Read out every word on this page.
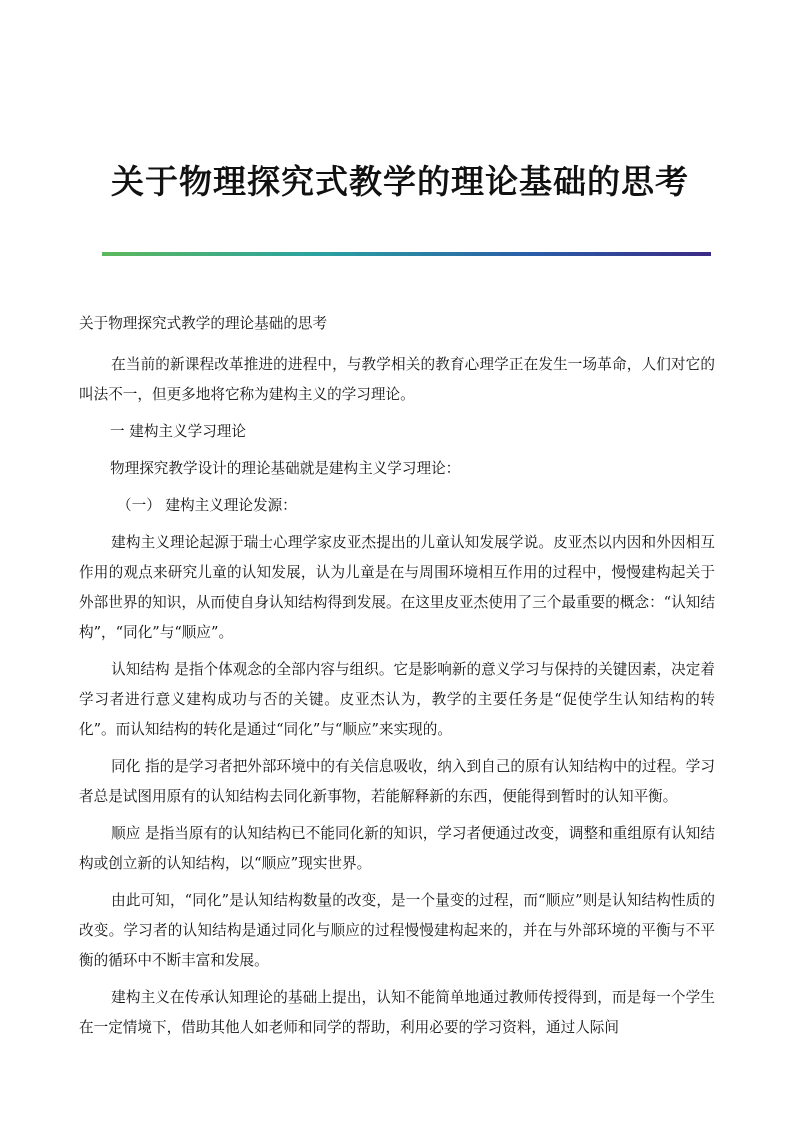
关于物理探究式教学的理论基础的思考

关于物理探究式教学的理论基础的思考

在当前的新课程改革推进的进程中，与教学相关的教育心理学正在发生一场革命，人们对它的叫法不一，但更多地将它称为建构主义的学习理论。

一 建构主义学习理论

物理探究教学设计的理论基础就是建构主义学习理论：

（一） 建构主义理论发源：

建构主义理论起源于瑞士心理学家皮亚杰提出的儿童认知发展学说。皮亚杰以内因和外因相互作用的观点来研究儿童的认知发展，认为儿童是在与周围环境相互作用的过程中，慢慢建构起关于外部世界的知识，从而使自身认知结构得到发展。在这里皮亚杰使用了三个最重要的概念：“认知结构”，“同化”与“顺应”。

认知结构 是指个体观念的全部内容与组织。它是影响新的意义学习与保持的关键因素，决定着学习者进行意义建构成功与否的关键。皮亚杰认为，教学的主要任务是“促使学生认知结构的转化”。而认知结构的转化是通过“同化”与“顺应”来实现的。

同化 指的是学习者把外部环境中的有关信息吸收，纳入到自己的原有认知结构中的过程。学习者总是试图用原有的认知结构去同化新事物，若能解释新的东西，便能得到暂时的认知平衡。

顺应 是指当原有的认知结构已不能同化新的知识，学习者便通过改变，调整和重组原有认知结构或创立新的认知结构，以“顺应”现实世界。

由此可知，“同化”是认知结构数量的改变，是一个量变的过程，而“顺应”则是认知结构性质的改变。学习者的认知结构是通过同化与顺应的过程慢慢建构起来的，并在与外部环境的平衡与不平衡的循环中不断丰富和发展。

建构主义在传承认知理论的基础上提出，认知不能简单地通过教师传授得到，而是每一个学生在一定情境下，借助其他人如老师和同学的帮助，利用必要的学习资料，通过人际间
